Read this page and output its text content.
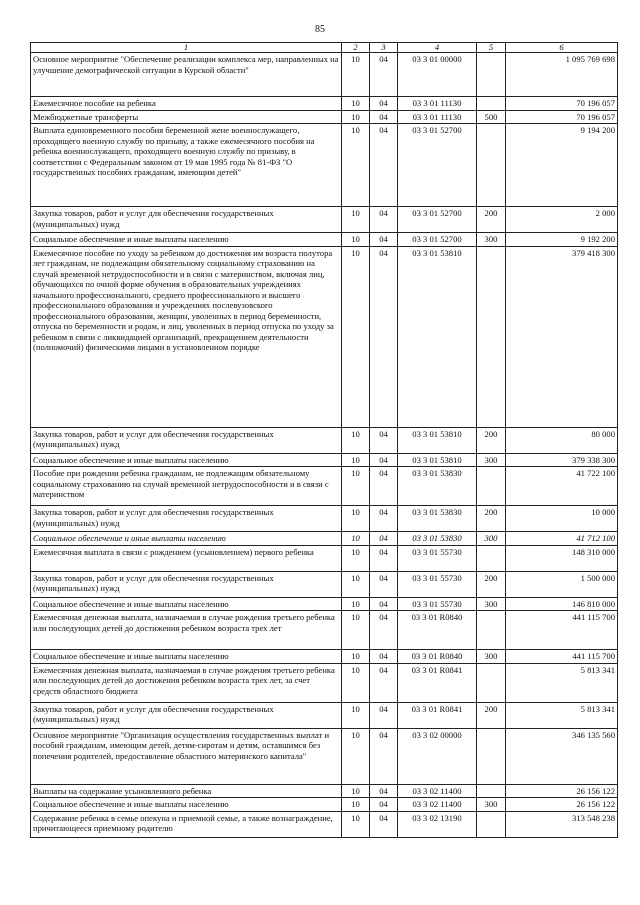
85
1	2	3	4	5	6
Основное мероприятие "Обеспечение реализации комплекса мер, направленных на улучшение демографической ситуации в Курской области"	10	04	03 3 01 00000		1 095 769 698
Ежемесячное пособие на ребенка	10	04	03 3 01 11130		70 196 057
Межбюджетные трансферты	10	04	03 3 01 11130	500	70 196 057
Выплата единовременного пособия беременной жене военнослужащего, проходящего военную службу по призыву, а также ежемесячного пособия на ребенка военнослужащего, проходящего военную службу по призыву, в соответствии с Федеральным законом от 19 мая 1995 года № 81-ФЗ "О государственных пособиях гражданам, имеющим детей"	10	04	03 3 01 52700		9 194 200
Закупка товаров, работ и услуг для обеспечения государственных (муниципальных) нужд	10	04	03 3 01 52700	200	2 000
Социальное обеспечение и иные выплаты населению	10	04	03 3 01 52700	300	9 192 200
Ежемесячное пособие по уходу за ребенком до достижения им возраста полутора лет гражданам, не подлежащим обязательному социальному страхованию на случай временной нетрудоспособности и в связи с материнством, включая лиц, обучающихся по очной форме обучения в образовательных учреждениях начального профессионального, среднего профессионального и высшего профессионального образования и учреждениях послевузовского профессионального образования, женщин, уволенных в период беременности, отпуска по беременности и родам, и лиц, уволенных в период отпуска по уходу за ребенком в связи с ликвидацией организаций, прекращением деятельности (полномочий) физическими лицами в установленном порядке	10	04	03 3 01 53810		379 418 300
Закупка товаров, работ и услуг для обеспечения государственных (муниципальных) нужд	10	04	03 3 01 53810	200	80 000
Социальное обеспечение и иные выплаты населению	10	04	03 3 01 53810	300	379 338 300
Пособие при рождении ребенка гражданам, не подлежащим обязательному социальному страхованию на случай временной нетрудоспособности и в связи с материнством	10	04	03 3 01 53830		41 722 100
Закупка товаров, работ и услуг для обеспечения государственных (муниципальных) нужд	10	04	03 3 01 53830	200	10 000
Социальное обеспечение и иные выплаты населению	10	04	03 3 01 53830	300	41 712 100
Ежемесячная выплата в связи с рождением (усыновлением) первого ребенка	10	04	03 3 01 55730		148 310 000
Закупка товаров, работ и услуг для обеспечения государственных (муниципальных) нужд	10	04	03 3 01 55730	200	1 500 000
Социальное обеспечение и иные выплаты населению	10	04	03 3 01 55730	300	146 810 000
Ежемесячная денежная выплата, назначаемая в случае рождения третьего ребенка или последующих детей до достижения ребенком возраста трех лет	10	04	03 3 01 R0840		441 115 700
Социальное обеспечение и иные выплаты населению	10	04	03 3 01 R0840	300	441 115 700
Ежемесячная денежная выплата, назначаемая в случае рождения третьего ребенка или последующих детей до достижения ребенком возраста трех лет, за счет средств областного бюджета	10	04	03 3 01 R0841		5 813 341
Закупка товаров, работ и услуг для обеспечения государственных (муниципальных) нужд	10	04	03 3 01 R0841	200	5 813 341
Основное мероприятие "Организация осуществления государственных выплат и пособий гражданам, имеющим детей, детям-сиротам и детям, оставшимся без попечения родителей, предоставление областного материнского капитала"	10	04	03 3 02 00000		346 135 560
Выплаты на содержание усыновленного ребенка	10	04	03 3 02 11400		26 156 122
Социальное обеспечение и иные выплаты населению	10	04	03 3 02 11400	300	26 156 122
Содержание ребенка в семье опекуна и приемной семье, а также вознаграждение, причитающееся приемному родителю	10	04	03 3 02 13190		313 548 238
